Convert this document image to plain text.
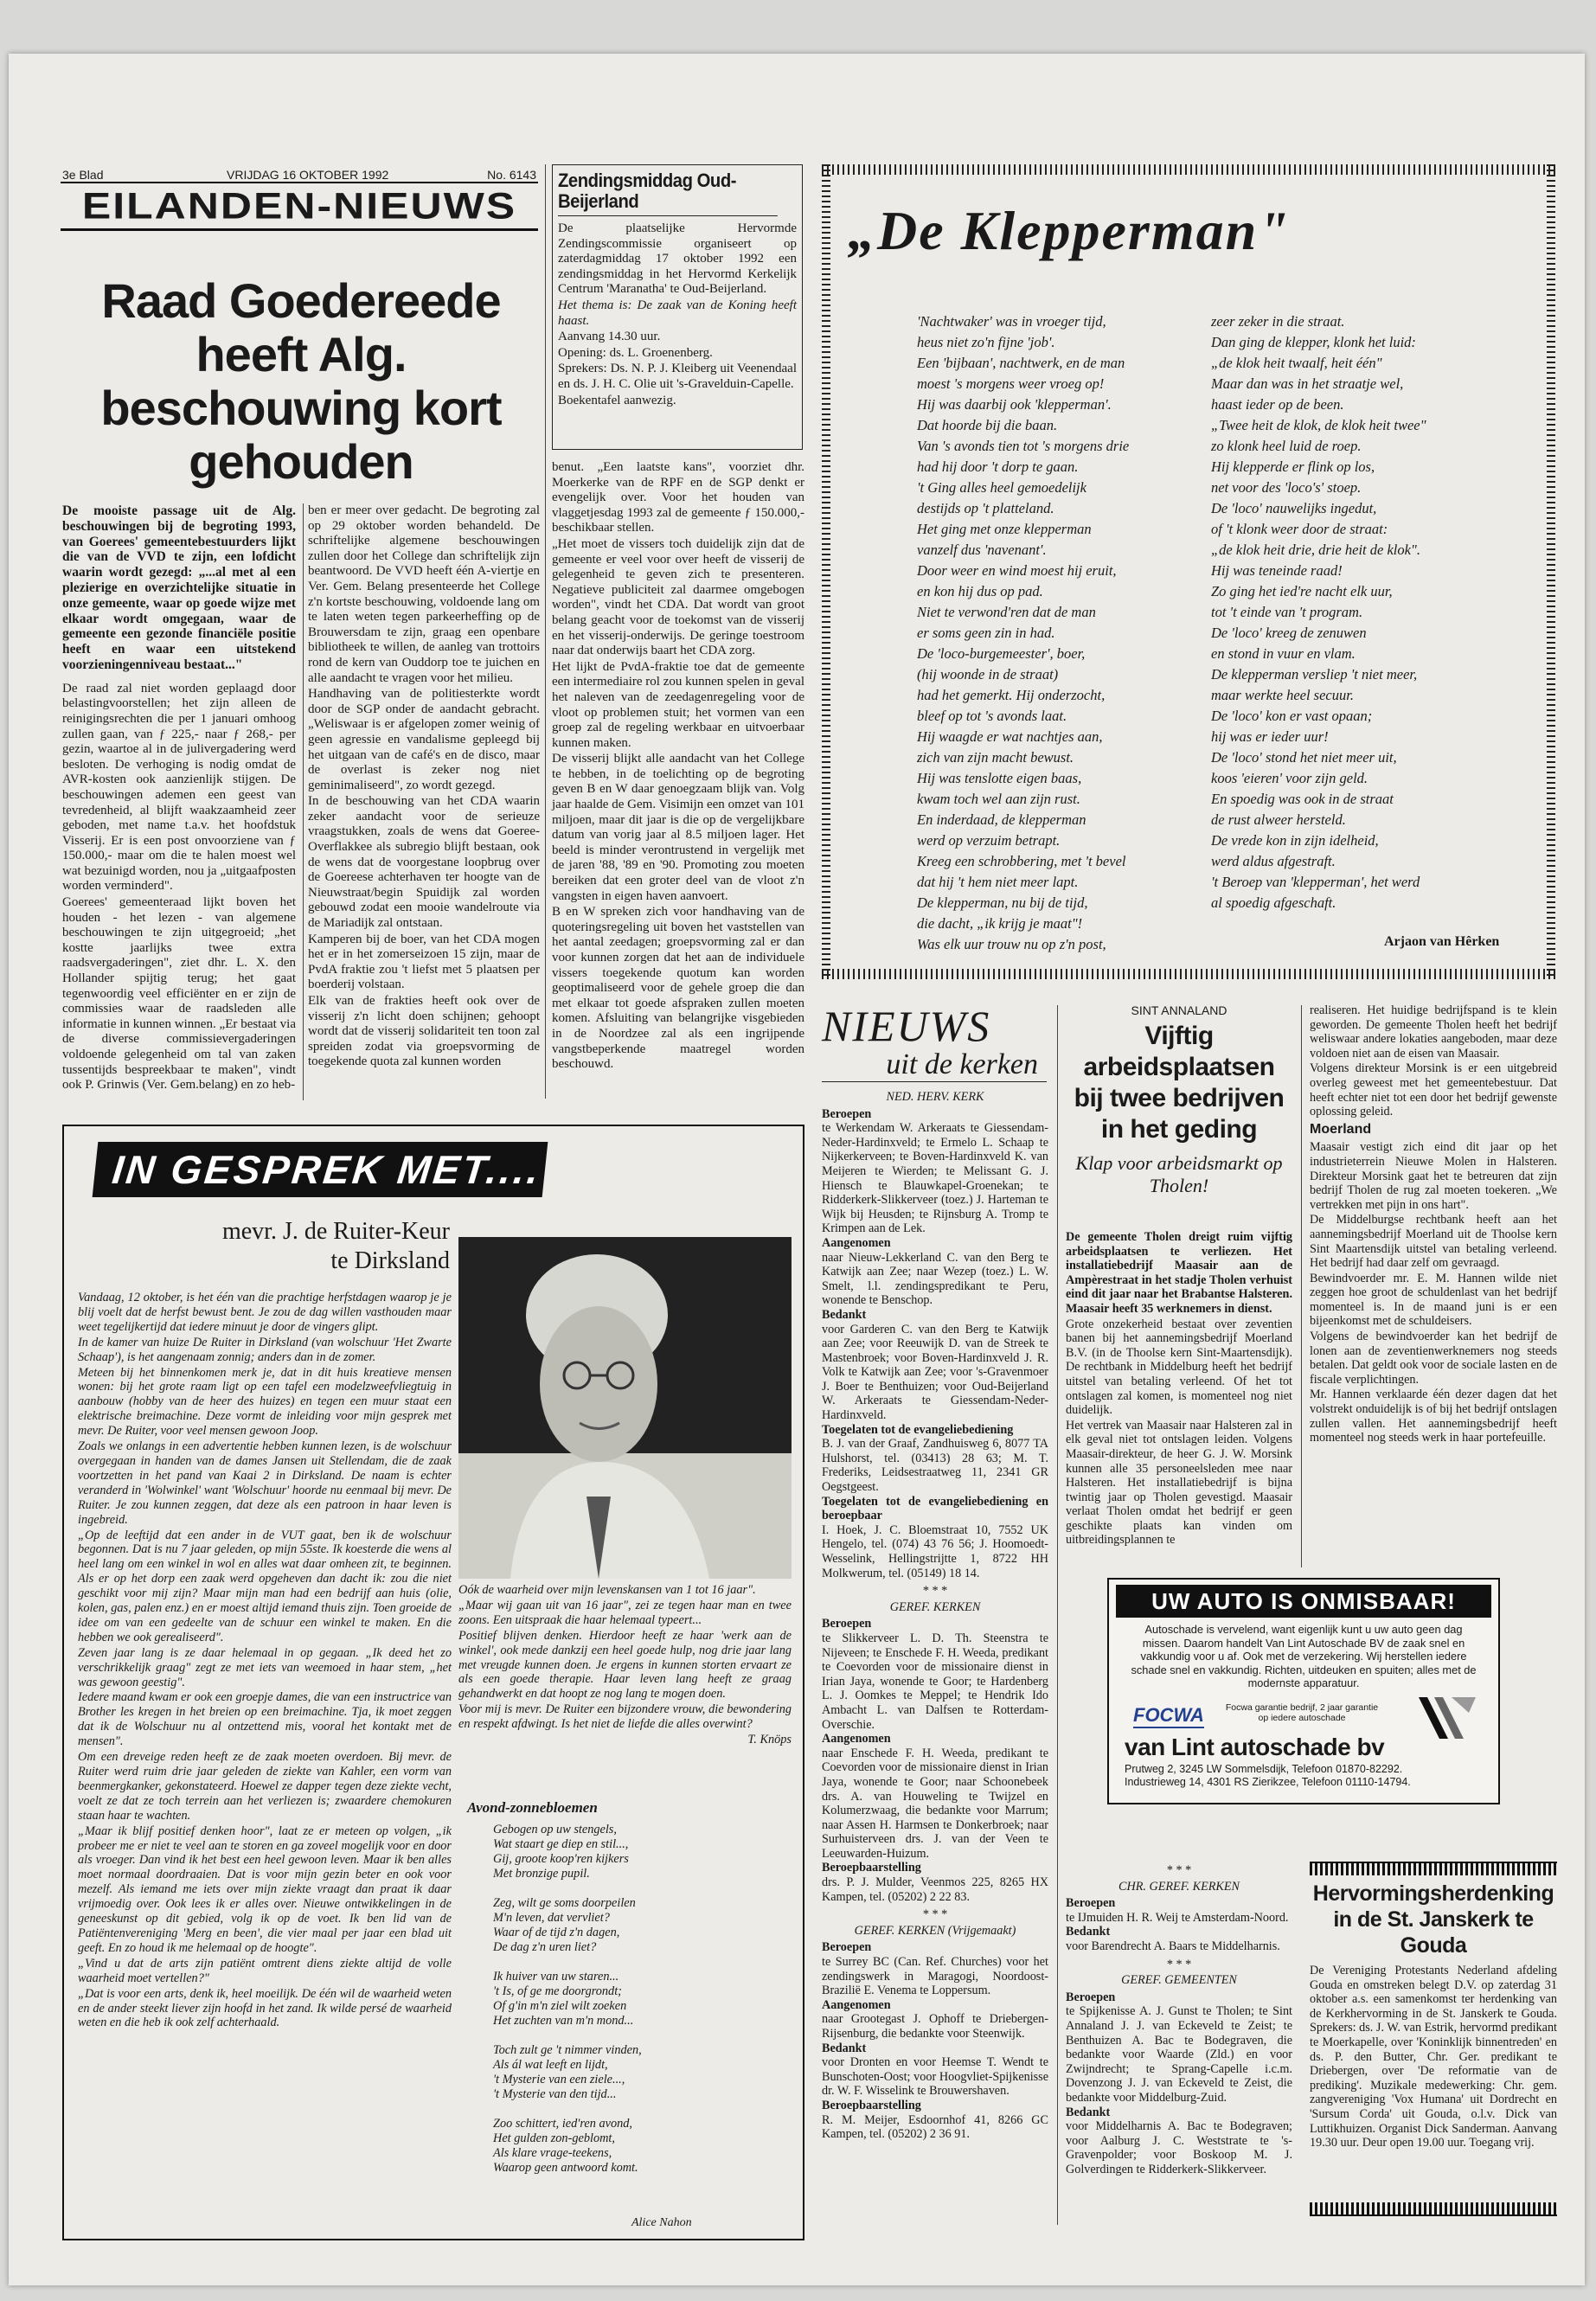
3e Blad	VRIJDAG 16 OKTOBER 1992	No. 6143
EILANDEN-NIEUWS
Raad Goedereede heeft Alg. beschouwing kort gehouden

De mooiste passage uit de Alg. beschouwingen bij de begroting 1993, van Goerees' gemeentebestuurders lijkt die van de VVD te zijn, een lofdicht waarin wordt gezegd: „...al met al een plezierige en overzichtelijke situatie in onze gemeente, waar op goede wijze met elkaar wordt omgegaan, waar de gemeente een gezonde financiële positie heeft en waar een uitstekend voorzieningenniveau bestaat..."

De raad zal niet worden geplaagd door belastingvoorstellen; het zijn alleen de reinigingsrechten die per 1 januari omhoog zullen gaan, van ƒ 225,- naar ƒ 268,- per gezin, waartoe al in de julivergadering werd besloten. De verhoging is nodig omdat de AVR-kosten ook aanzienlijk stijgen. De beschouwingen ademen een geest van tevredenheid, al blijft waakzaamheid zeer geboden, met name t.a.v. het hoofdstuk Visserij. Er is een post onvoorziene van ƒ 150.000,- maar om die te halen moest wel wat bezuinigd worden, nou ja „uitgaafposten worden verminderd".

Goerees' gemeenteraad lijkt boven het houden - het lezen - van algemene beschouwingen te zijn uitgegroeid; „het kostte jaarlijks twee extra raadsvergaderingen", ziet dhr. L. X. den Hollander spijtig terug; het gaat tegenwoordig veel efficiënter en er zijn de commissies waar de raadsleden alle informatie in kunnen winnen. „Er bestaat via de diverse commissievergaderingen voldoende gelegenheid om tal van zaken tussentijds bespreekbaar te maken", vindt ook P. Grinwis (Ver. Gem.belang) en zo heb-

ben er meer over gedacht. De begroting zal op 29 oktober worden behandeld. De schriftelijke algemene beschouwingen zullen door het College dan schriftelijk zijn beantwoord. De VVD heeft één A-viertje en Ver. Gem. Belang presenteerde het College z'n kortste beschouwing, voldoende lang om te laten weten tegen parkeerheffing op de Brouwersdam te zijn, graag een openbare bibliotheek te willen, de aanleg van trottoirs rond de kern van Ouddorp toe te juichen en alle aandacht te vragen voor het milieu.

Handhaving van de politiesterkte wordt door de SGP onder de aandacht gebracht. „Weliswaar is er afgelopen zomer weinig of geen agressie en vandalisme gepleegd bij het uitgaan van de café's en de disco, maar de overlast is zeker nog niet geminimaliseerd", zo wordt gezegd.

In de beschouwing van het CDA waarin zeker aandacht voor de serieuze vraagstukken, zoals de wens dat Goeree-Overflakkee als subregio blijft bestaan, ook de wens dat de voorgestane loopbrug over de Goereese achterhaven ter hoogte van de Nieuwstraat/begin Spuidijk zal worden gebouwd zodat een mooie wandelroute via de Mariadijk zal ontstaan.

Kamperen bij de boer, van het CDA mogen het er in het zomerseizoen 15 zijn, maar de PvdA fraktie zou 't liefst met 5 plaatsen per boerderij volstaan.

Elk van de frakties heeft ook over de visserij z'n licht doen schijnen; gehoopt wordt dat de visserij solidariteit ten toon zal spreiden zodat via groepsvorming de toegekende quota zal kunnen worden

Zendingsmiddag Oud-Beijerland

De plaatselijke Hervormde Zendingscommissie organiseert op zaterdagmiddag 17 oktober 1992 een zendingsmiddag in het Hervormd Kerkelijk Centrum 'Maranatha' te Oud-Beijerland.

Het thema is: De zaak van de Koning heeft haast.

Aanvang 14.30 uur.

Opening: ds. L. Groenenberg.

Sprekers: Ds. N. P. J. Kleiberg uit Veenendaal en ds. J. H. C. Olie uit 's-Gravelduin-Capelle.

Boekentafel aanwezig.

benut. „Een laatste kans", voorziet dhr. Moerkerke van de RPF en de SGP denkt er evengelijk over. Voor het houden van vlaggetjesdag 1993 zal de gemeente ƒ 150.000,- beschikbaar stellen.

„Het moet de vissers toch duidelijk zijn dat de gemeente er veel voor over heeft de visserij de gelegenheid te geven zich te presenteren. Negatieve publiciteit zal daarmee omgebogen worden", vindt het CDA. Dat wordt van groot belang geacht voor de toekomst van de visserij en het visserij-onderwijs. De geringe toestroom naar dat onderwijs baart het CDA zorg.

Het lijkt de PvdA-fraktie toe dat de gemeente een intermediaire rol zou kunnen spelen in geval het naleven van de zeedagenregeling voor de vloot op problemen stuit; het vormen van een groep zal de regeling werkbaar en uitvoerbaar kunnen maken.

De visserij blijkt alle aandacht van het College te hebben, in de toelichting op de begroting geven B en W daar genoegzaam blijk van. Volg jaar haalde de Gem. Visimijn een omzet van 101 miljoen, maar dit jaar is die op de vergelijkbare datum van vorig jaar al 8.5 miljoen lager. Het beeld is minder verontrustend in vergelijk met de jaren '88, '89 en '90. Promoting zou moeten bereiken dat een groter deel van de vloot z'n vangsten in eigen haven aanvoert.

B en W spreken zich voor handhaving van de quoteringsregeling uit boven het vaststellen van het aantal zeedagen; groepsvorming zal er dan voor kunnen zorgen dat het aan de individuele vissers toegekende quotum kan worden geoptimaliseerd voor de gehele groep die dan met elkaar tot goede afspraken zullen moeten komen. Afsluiting van belangrijke visgebieden in de Noordzee zal als een ingrijpende vangstbeperkende maatregel worden beschouwd.

„De Klepperman"
'Nachtwaker' was in vroeger tijd,
heus niet zo'n fijne 'job'.
Een 'bijbaan', nachtwerk, en de man
moest 's morgens weer vroeg op!
Hij was daarbij ook 'klepperman'.
Dat hoorde bij die baan.
Van 's avonds tien tot 's morgens drie
had hij door 't dorp te gaan.
't Ging alles heel gemoedelijk
destijds op 't platteland.
Het ging met onze klepperman
vanzelf dus 'navenant'.
Door weer en wind moest hij eruit,
en kon hij dus op pad.
Niet te verwond'ren dat de man
er soms geen zin in had.
De 'loco-burgemeester', boer,
(hij woonde in de straat)
had het gemerkt. Hij onderzocht,
bleef op tot 's avonds laat.
Hij waagde er wat nachtjes aan,
zich van zijn macht bewust.
Hij was tenslotte eigen baas,
kwam toch wel aan zijn rust.
En inderdaad, de klepperman
werd op verzuim betrapt.
Kreeg een schrobbering, met 't bevel
dat hij 't hem niet meer lapt.
De klepperman, nu bij de tijd,
die dacht, „ik krijg je maat"!
Was elk uur trouw nu op z'n post,
zeer zeker in die straat.
Dan ging de klepper, klonk het luid:
„de klok heit twaalf, heit één"
Maar dan was in het straatje wel,
haast ieder op de been.
„Twee heit de klok, de klok heit twee"
zo klonk heel luid de roep.
Hij klepperde er flink op los,
net voor des 'loco's' stoep.
De 'loco' nauwelijks ingedut,
of 't klonk weer door de straat:
„de klok heit drie, drie heit de klok".
Hij was teneinde raad!
Zo ging het ied're nacht elk uur,
tot 't einde van 't program.
De 'loco' kreeg de zenuwen
en stond in vuur en vlam.
De klepperman versliep 't niet meer,
maar werkte heel secuur.
De 'loco' kon er vast opaan;
hij was er ieder uur!
De 'loco' stond het niet meer uit,
koos 'eieren' voor zijn geld.
En spoedig was ook in de straat
de rust alweer hersteld.
De vrede kon in zijn idelheid,
werd aldus afgestraft.
't Beroep van 'klepperman', het werd
al spoedig afgeschaft.
Arjaon van Hêrken
IN GESPREK MET....
mevr. J. de Ruiter-Keur
te Dirksland

Vandaag, 12 oktober, is het één van die prachtige herfstdagen waarop je je blij voelt dat de herfst bewust bent. Je zou de dag willen vasthouden maar weet tegelijkertijd dat iedere minuut je door de vingers glipt.

In de kamer van huize De Ruiter in Dirksland (van wolschuur 'Het Zwarte Schaap'), is het aangenaam zonnig; anders dan in de zomer.

Meteen bij het binnenkomen merk je, dat in dit huis kreatieve mensen wonen: bij het grote raam ligt op een tafel een modelzweefvliegtuig in aanbouw (hobby van de heer des huizes) en tegen een muur staat een elektrische breimachine. Deze vormt de inleiding voor mijn gesprek met mevr. De Ruiter, voor veel mensen gewoon Joop.

Zoals we onlangs in een advertentie hebben kunnen lezen, is de wolschuur overgegaan in handen van de dames Jansen uit Stellendam, die de zaak voortzetten in het pand van Kaai 2 in Dirksland. De naam is echter veranderd in 'Wolwinkel' want 'Wolschuur' hoorde nu eenmaal bij mevr. De Ruiter. Je zou kunnen zeggen, dat deze als een patroon in haar leven is ingebreid.

„Op de leeftijd dat een ander in de VUT gaat, ben ik de wolschuur begonnen. Dat is nu 7 jaar geleden, op mijn 55ste. Ik koesterde die wens al heel lang om een winkel in wol en alles wat daar omheen zit, te beginnen. Als er op het dorp een zaak werd opgeheven dan dacht ik: zou die niet geschikt voor mij zijn? Maar mijn man had een bedrijf aan huis (olie, kolen, gas, palen enz.) en er moest altijd iemand thuis zijn. Toen groeide de idee om van een gedeelte van de schuur een winkel te maken. En die hebben we ook gerealiseerd".

Zeven jaar lang is ze daar helemaal in op gegaan. „Ik deed het zo verschrikkelijk graag" zegt ze met iets van weemoed in haar stem, „het was gewoon geestig".

Iedere maand kwam er ook een groepje dames, die van een instructrice van Brother les kregen in het breien op een breimachine. Tja, ik moet zeggen dat ik de Wolschuur nu al ontzettend mis, vooral het kontakt met de mensen".

Om een dreveige reden heeft ze de zaak moeten overdoen. Bij mevr. de Ruiter werd ruim drie jaar geleden de ziekte van Kahler, een vorm van beenmergkanker, gekonstateerd. Hoewel ze dapper tegen deze ziekte vecht, voelt ze dat ze toch terrein aan het verliezen is; zwaardere chemokuren staan haar te wachten.

„Maar ik blijf positief denken hoor", laat ze er meteen op volgen, „ik probeer me er niet te veel aan te storen en ga zoveel mogelijk voor en door als vroeger. Dan vind ik het best een heel gewoon leven. Maar ik ben alles moet normaal doordraaien. Dat is voor mijn gezin beter en ook voor mezelf. Als iemand me iets over mijn ziekte vraagt dan praat ik daar vrijmoedig over. Ook lees ik er alles over. Nieuwe ontwikkelingen in de geneeskunst op dit gebied, volg ik op de voet. Ik ben lid van de Patiëntenvereniging 'Merg en been', die vier maal per jaar een blad uit geeft. En zo houd ik me helemaal op de hoogte".

„Vind u dat de arts zijn patiënt omtrent diens ziekte altijd de volle waarheid moet vertellen?"

„Dat is voor een arts, denk ik, heel moeilijk. De één wil de waarheid weten en de ander steekt liever zijn hoofd in het zand. Ik wilde persé de waarheid weten en die heb ik ook zelf achterhaald.

Oók de waarheid over mijn levenskansen van 1 tot 16 jaar".

„Maar wij gaan uit van 16 jaar", zei ze tegen haar man en twee zoons. Een uitspraak die haar helemaal typeert...

Positief blijven denken. Hierdoor heeft ze haar 'werk aan de winkel', ook mede dankzij een heel goede hulp, nog drie jaar lang met vreugde kunnen doen. Je ergens in kunnen storten ervaart ze als een goede therapie. Haar leven lang heeft ze graag gehandwerkt en dat hoopt ze nog lang te mogen doen.

Voor mij is mevr. De Ruiter een bijzondere vrouw, die bewondering en respekt afdwingt. Is het niet de liefde die alles overwint?

T. Knöps

Avond-zonnebloemen
Gebogen op uw stengels,
Wat staart ge diep en stil...,
Gij, groote koop'ren kijkers
Met bronzige pupil.

Zeg, wilt ge soms doorpeilen
M'n leven, dat vervliet?
Waar of de tijd z'n dagen,
De dag z'n uren liet?

Ik huiver van uw staren...
't Is, of ge me doorgrondt;
Of g'in m'n ziel wilt zoeken
Het zuchten van m'n mond...

Toch zult ge 't nimmer vinden,
Als ál wat leeft en lijdt,
't Mysterie van een ziele...,
't Mysterie van den tijd...

Zoo schittert, ied'ren avond,
Het gulden zon-geblomt,
Als klare vrage-teekens,
Waarop geen antwoord komt.
Alice Nahon
NIEUWS
uit de kerken
NED. HERV. KERK
Beroepen
te Werkendam W. Arkeraats te Giessendam-Neder-Hardinxveld; te Ermelo L. Schaap te Nijkerkerveen; te Boven-Hardinxveld K. van Meijeren te Wierden; te Melissant G. J. Hiensch te Blauwkapel-Groenekan; te Ridderkerk-Slikkerveer (toez.) J. Harteman te Wijk bij Heusden; te Rijnsburg A. Tromp te Krimpen aan de Lek.
Aangenomen
naar Nieuw-Lekkerland C. van den Berg te Katwijk aan Zee; naar Wezep (toez.) L. W. Smelt, l.l. zendingspredikant te Peru, wonende te Benschop.
Bedankt
voor Garderen C. van den Berg te Katwijk aan Zee; voor Reeuwijk D. van de Streek te Mastenbroek; voor Boven-Hardinxveld J. R. Volk te Katwijk aan Zee; voor 's-Gravenmoer J. Boer te Benthuizen; voor Oud-Beijerland W. Arkeraats te Giessendam-Neder-Hardinxveld.
Toegelaten tot de evangeliebediening
B. J. van der Graaf, Zandhuisweg 6, 8077 TA Hulshorst, tel. (03413) 28 63; M. T. Frederiks, Leidsestraatweg 11, 2341 GR Oegstgeest.
Toegelaten tot de evangeliebediening en beroepbaar
I. Hoek, J. C. Bloemstraat 10, 7552 UK Hengelo, tel. (074) 43 76 56; J. Hoomoedt-Wesselink, Hellingstrijtte 1, 8722 HH Molkwerum, tel. (05149) 18 14.
* * *
GEREF. KERKEN
Beroepen
te Slikkerveer L. D. Th. Steenstra te Nijeveen; te Enschede F. H. Weeda, predikant te Coevorden voor de missionaire dienst in Irian Jaya, wonende te Goor; te Hardenberg L. J. Oomkes te Meppel; te Hendrik Ido Ambacht L. van Dalfsen te Rotterdam-Overschie.
Aangenomen
naar Enschede F. H. Weeda, predikant te Coevorden voor de missionaire dienst in Irian Jaya, wonende te Goor; naar Schoonebeek drs. A. van Houweling te Twijzel en Kolumerzwaag, die bedankte voor Marrum; naar Assen H. Harmsen te Donkerbroek; naar Surhuisterveen drs. J. van der Veen te Leeuwarden-Huizum.
Beroepbaarstelling
drs. P. J. Mulder, Veenmos 225, 8265 HX Kampen, tel. (05202) 2 22 83.
* * *
GEREF. KERKEN (Vrijgemaakt)
Beroepen
te Surrey BC (Can. Ref. Churches) voor het zendingswerk in Maragogi, Noordoost-Brazilië E. Venema te Loppersum.
Aangenomen
naar Grootegast J. Ophoff te Driebergen-Rijsenburg, die bedankte voor Steenwijk.
Bedankt
voor Dronten en voor Heemse T. Wendt te Bunschoten-Oost; voor Hoogvliet-Spijkenisse dr. W. F. Wisselink te Brouwershaven.
Beroepbaarstelling
R. M. Meijer, Esdoornhof 41, 8266 GC Kampen, tel. (05202) 2 36 91.
* * *
CHR. GEREF. KERKEN
Beroepen
te IJmuiden H. R. Weij te Amsterdam-Noord.
Bedankt
voor Barendrecht A. Baars te Middelharnis.
* * *
GEREF. GEMEENTEN
Beroepen
te Spijkenisse A. J. Gunst te Tholen; te Sint Annaland J. J. van Eckeveld te Zeist; te Benthuizen A. Bac te Bodegraven, die bedankte voor Waarde (Zld.) en voor Zwijndrecht; te Sprang-Capelle i.c.m. Dovenzong J. J. van Eckeveld te Zeist, die bedankte voor Middelburg-Zuid.
Bedankt
voor Middelharnis A. Bac te Bodegraven; voor Aalburg J. C. Weststrate te 's-Gravenpolder; voor Boskoop M. J. Golverdingen te Ridderkerk-Slikkerveer.
SINT ANNALAND
Vijftig arbeidsplaatsen bij twee bedrijven in het geding
Klap voor arbeidsmarkt op Tholen!

De gemeente Tholen dreigt ruim vijftig arbeidsplaatsen te verliezen. Het installatiebedrijf Maasair aan de Ampèrestraat in het stadje Tholen verhuist eind dit jaar naar het Brabantse Halsteren. Maasair heeft 35 werknemers in dienst.

Grote onzekerheid bestaat over zeventien banen bij het aannemingsbedrijf Moerland B.V. (in de Thoolse kern Sint-Maartensdijk). De rechtbank in Middelburg heeft het bedrijf uitstel van betaling verleend. Of het tot ontslagen zal komen, is momenteel nog niet duidelijk.

Het vertrek van Maasair naar Halsteren zal in elk geval niet tot ontslagen leiden. Volgens Maasair-direkteur, de heer G. J. W. Morsink kunnen alle 35 personeelsleden mee naar Halsteren. Het installatiebedrijf is bijna twintig jaar op Tholen gevestigd. Maasair verlaat Tholen omdat het bedrijf er geen geschikte plaats kan vinden om uitbreidingsplannen te

realiseren. Het huidige bedrijfspand is te klein geworden. De gemeente Tholen heeft het bedrijf weliswaar andere lokaties aangeboden, maar deze voldoen niet aan de eisen van Maasair.

Volgens direkteur Morsink is er een uitgebreid overleg geweest met het gemeentebestuur. Dat heeft echter niet tot een door het bedrijf gewenste oplossing geleid.

Moerland

Maasair vestigt zich eind dit jaar op het industrieterrein Nieuwe Molen in Halsteren. Direkteur Morsink gaat het te betreuren dat zijn bedrijf Tholen de rug zal moeten toekeren. „We vertrekken met pijn in ons hart".

De Middelburgse rechtbank heeft aan het aannemingsbedrijf Moerland uit de Thoolse kern Sint Maartensdijk uitstel van betaling verleend. Het bedrijf had daar zelf om gevraagd.

Bewindvoerder mr. E. M. Hannen wilde niet zeggen hoe groot de schuldenlast van het bedrijf momenteel is. In de maand juni is er een bijeenkomst met de schuldeisers.

Volgens de bewindvoerder kan het bedrijf de lonen aan de zeventienwerknemers nog steeds betalen. Dat geldt ook voor de sociale lasten en de fiscale verplichtingen.

Mr. Hannen verklaarde één dezer dagen dat het volstrekt onduidelijk is of bij het bedrijf ontslagen zullen vallen. Het aannemingsbedrijf heeft momenteel nog steeds werk in haar portefeuille.

UW AUTO IS ONMISBAAR!
Autoschade is vervelend, want eigenlijk kunt u uw auto geen dag missen. Daarom handelt Van Lint Autoschade BV de zaak snel en vakkundig voor u af. Ook met de verzekering. Wij herstellen iedere schade snel en vakkundig. Richten, uitdeuken en spuiten; alles met de modernste apparatuur.
FOCWA	Focwa garantie bedrijf, 2 jaar garantie op iedere autoschade
van Lint autoschade bv
Prutweg 2, 3245 LW Sommelsdijk, Telefoon 01870-82292.
Industrieweg 14, 4301 RS Zierikzee, Telefoon 01110-14794.
Hervormingsherdenking in de St. Janskerk te Gouda
De Vereniging Protestants Nederland afdeling Gouda en omstreken belegt D.V. op zaterdag 31 oktober a.s. een samenkomst ter herdenking van de Kerkhervorming in de St. Janskerk te Gouda. Sprekers: ds. J. W. van Estrik, hervormd predikant te Moerkapelle, over 'Koninklijk binnentreden' en ds. P. den Butter, Chr. Ger. predikant te Driebergen, over 'De reformatie van de prediking'. Muzikale medewerking: Chr. gem. zangvereniging 'Vox Humana' uit Dordrecht en 'Sursum Corda' uit Gouda, o.l.v. Dick van Luttikhuizen. Organist Dick Sanderman. Aanvang 19.30 uur. Deur open 19.00 uur. Toegang vrij.
